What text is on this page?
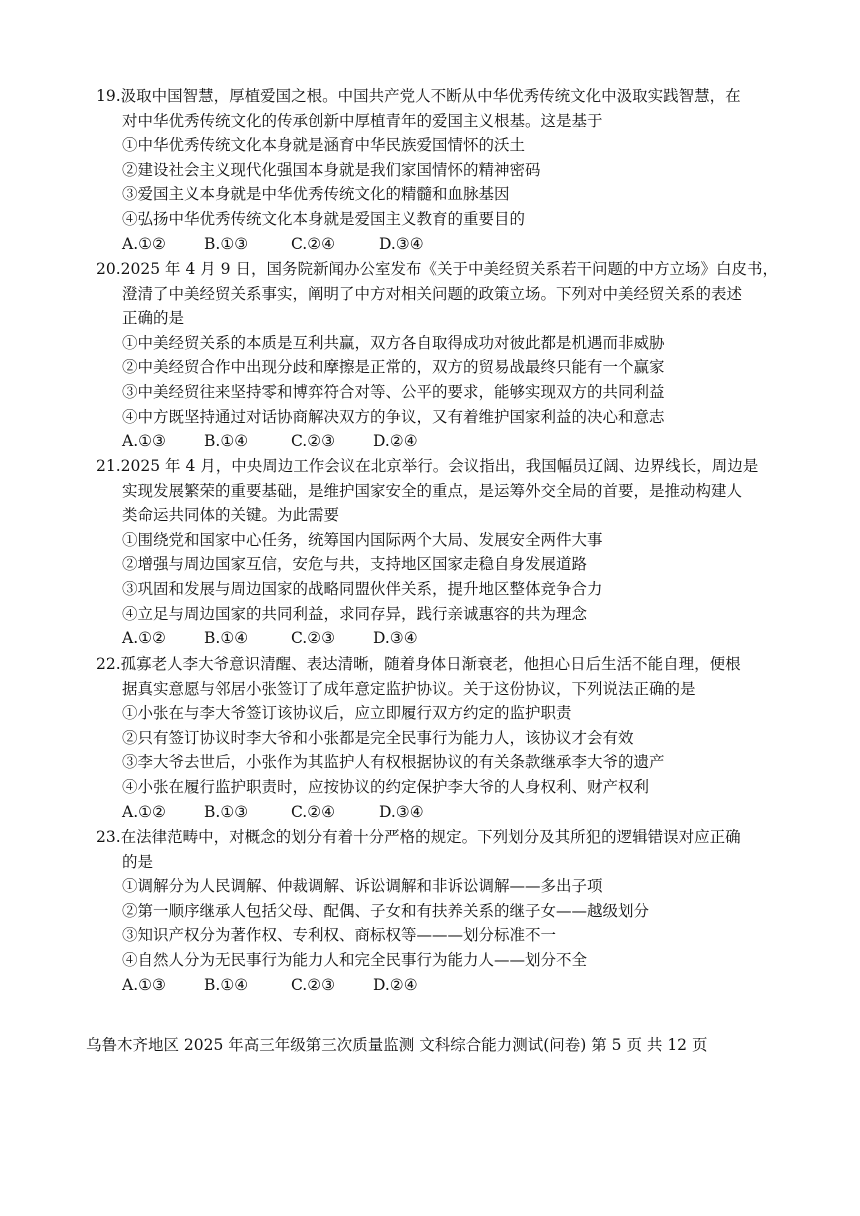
19.汲取中国智慧，厚植爱国之根。中国共产党人不断从中华优秀传统文化中汲取实践智慧，在
对中华优秀传统文化的传承创新中厚植青年的爱国主义根基。这是基于
①中华优秀传统文化本身就是涵育中华民族爱国情怀的沃土
②建设社会主义现代化强国本身就是我们家国情怀的精神密码
③爱国主义本身就是中华优秀传统文化的精髓和血脉基因
④弘扬中华优秀传统文化本身就是爱国主义教育的重要目的
A.①② B.①③	C.②④	D.③④
20.2025 年 4 月 9 日，国务院新闻办公室发布《关于中美经贸关系若干问题的中方立场》白皮书，
澄清了中美经贸关系事实，阐明了中方对相关问题的政策立场。下列对中美经贸关系的表述
正确的是
①中美经贸关系的本质是互利共赢，双方各自取得成功对彼此都是机遇而非威胁
②中美经贸合作中出现分歧和摩擦是正常的，双方的贸易战最终只能有一个赢家
③中美经贸往来坚持零和博弈符合对等、公平的要求，能够实现双方的共同利益
④中方既坚持通过对话协商解决双方的争议，又有着维护国家利益的决心和意志
A.①③ B.①④	C.②③ D.②④
21.2025 年 4 月，中央周边工作会议在北京举行。会议指出，我国幅员辽阔、边界线长，周边是
实现发展繁荣的重要基础，是维护国家安全的重点，是运筹外交全局的首要，是推动构建人
类命运共同体的关键。为此需要
①围绕党和国家中心任务，统筹国内国际两个大局、发展安全两件大事
②增强与周边国家互信，安危与共，支持地区国家走稳自身发展道路
③巩固和发展与周边国家的战略同盟伙伴关系，提升地区整体竞争合力
④立足与周边国家的共同利益，求同存异，践行亲诚惠容的共为理念
A.①② B.①④	C.②③ D.③④
22.孤寡老人李大爷意识清醒、表达清晰，随着身体日渐衰老，他担心日后生活不能自理，便根
据真实意愿与邻居小张签订了成年意定监护协议。关于这份协议，下列说法正确的是
①小张在与李大爷签订该协议后，应立即履行双方约定的监护职责
②只有签订协议时李大爷和小张都是完全民事行为能力人，该协议才会有效
③李大爷去世后，小张作为其监护人有权根据协议的有关条款继承李大爷的遗产
④小张在履行监护职责时，应按协议的约定保护李大爷的人身权利、财产权利
A.①② B.①③	C.②④	D.③④
23.在法律范畴中，对概念的划分有着十分严格的规定。下列划分及其所犯的逻辑错误对应正确
的是
①调解分为人民调解、仲裁调解、诉讼调解和非诉讼调解——多出子项
②第一顺序继承人包括父母、配偶、子女和有扶养关系的继子女——越级划分
③知识产权分为著作权、专利权、商标权等———划分标准不一
④自然人分为无民事行为能力人和完全民事行为能力人——划分不全
A.①③ B.①④	C.②③ D.②④
乌鲁木齐地区 2025 年高三年级第三次质量监测 文科综合能力测试(问卷) 第 5 页 共 12 页
